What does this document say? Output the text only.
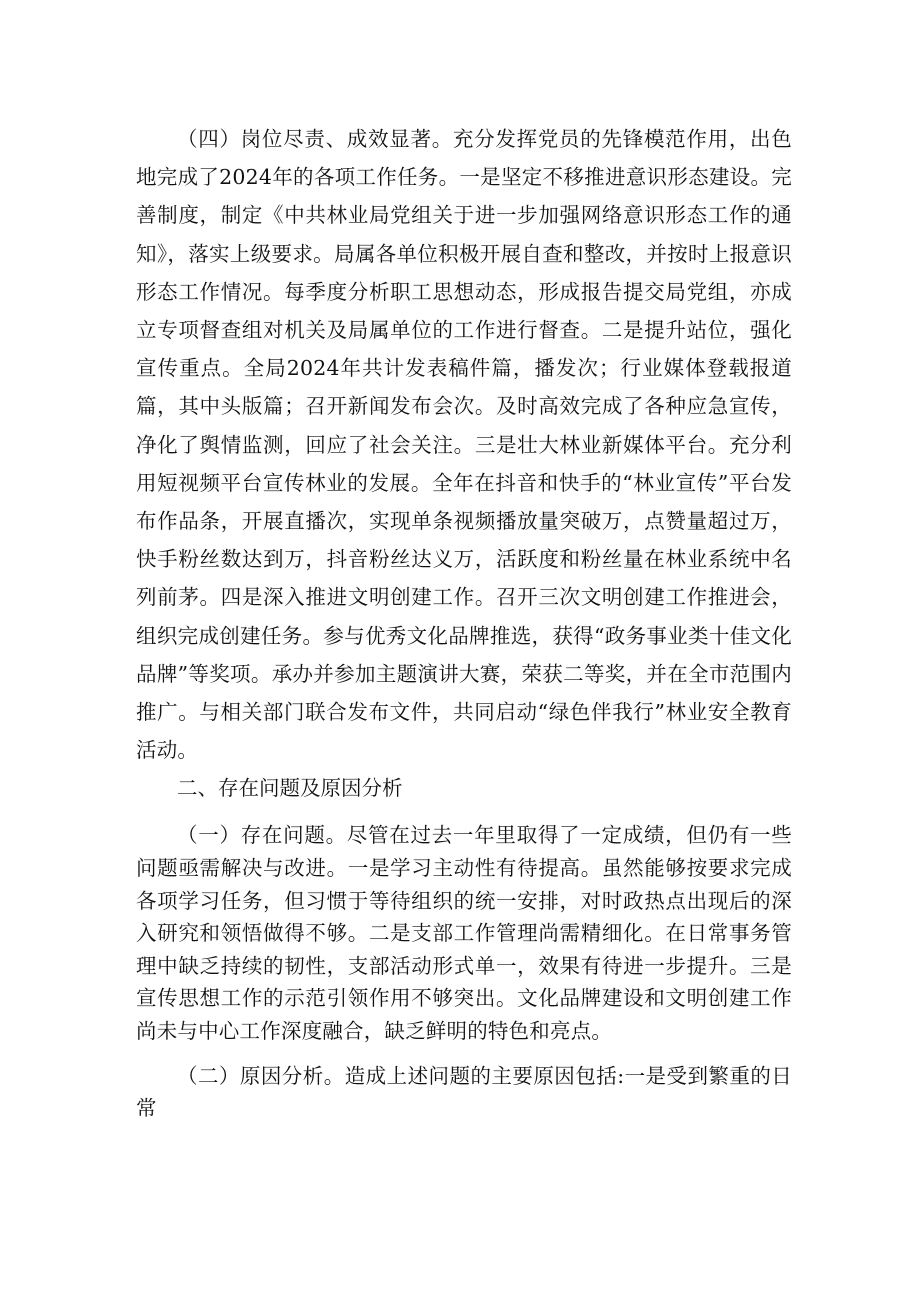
（四）岗位尽责、成效显著。充分发挥党员的先锋模范作用，出色地完成了2024年的各项工作任务。一是坚定不移推进意识形态建设。完善制度，制定《中共林业局党组关于进一步加强网络意识形态工作的通知》，落实上级要求。局属各单位积极开展自查和整改，并按时上报意识形态工作情况。每季度分析职工思想动态，形成报告提交局党组，亦成立专项督查组对机关及局属单位的工作进行督查。二是提升站位，强化宣传重点。全局2024年共计发表稿件篇，播发次；行业媒体登载报道篇，其中头版篇；召开新闻发布会次。及时高效完成了各种应急宣传，净化了舆情监测，回应了社会关注。三是壮大林业新媒体平台。充分利用短视频平台宣传林业的发展。全年在抖音和快手的“林业宣传”平台发布作品条，开展直播次，实现单条视频播放量突破万，点赞量超过万，快手粉丝数达到万，抖音粉丝达义万，活跃度和粉丝量在林业系统中名列前茅。四是深入推进文明创建工作。召开三次文明创建工作推进会，组织完成创建任务。参与优秀文化品牌推选，获得“政务事业类十佳文化品牌”等奖项。承办并参加主题演讲大赛，荣获二等奖，并在全市范围内推广。与相关部门联合发布文件，共同启动“绿色伴我行”林业安全教育活动。

二、存在问题及原因分析

（一）存在问题。尽管在过去一年里取得了一定成绩，但仍有一些问题亟需解决与改进。一是学习主动性有待提高。虽然能够按要求完成各项学习任务，但习惯于等待组织的统一安排，对时政热点出现后的深入研究和领悟做得不够。二是支部工作管理尚需精细化。在日常事务管理中缺乏持续的韧性，支部活动形式单一，效果有待进一步提升。三是宣传思想工作的示范引领作用不够突出。文化品牌建设和文明创建工作尚未与中心工作深度融合，缺乏鲜明的特色和亮点。

（二）原因分析。造成上述问题的主要原因包括:一是受到繁重的日常
